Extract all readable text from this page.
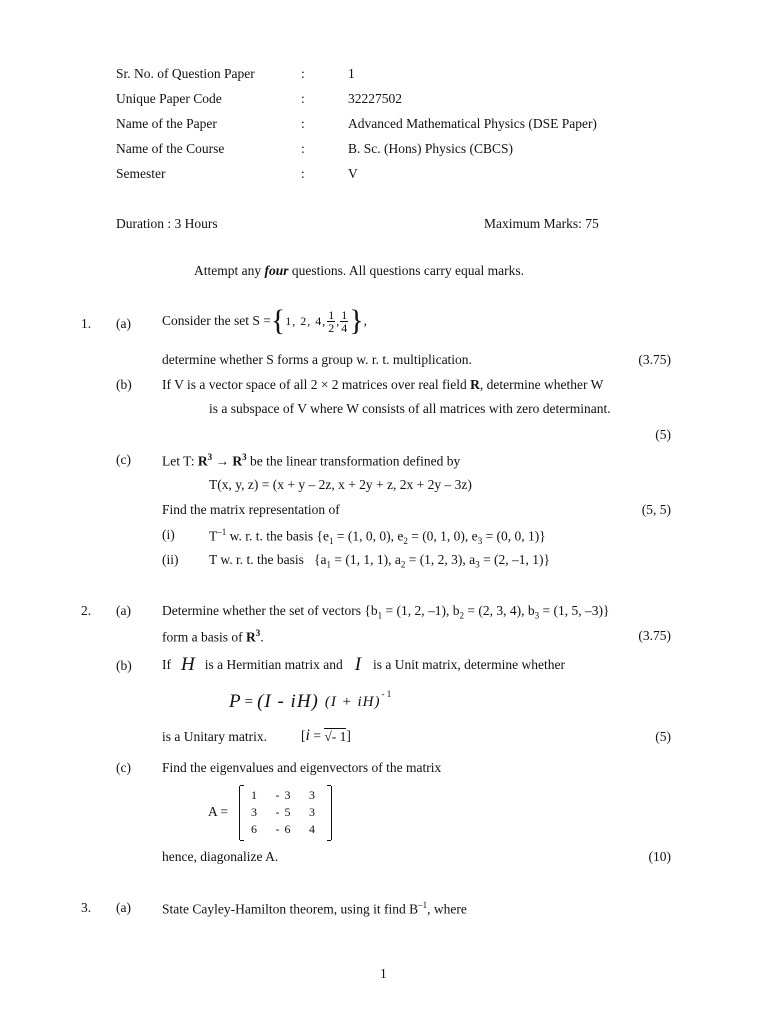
Sr. No. of Question Paper	:	1
Unique Paper Code	:	32227502
Name of the Paper	:	Advanced Mathematical Physics (DSE Paper)
Name of the Course	:	B. Sc. (Hons) Physics (CBCS)
Semester	:	V
Duration : 3 Hours	Maximum Marks: 75
Attempt any four questions. All questions carry equal marks.
1. (a) Consider the set S = { 1, 2, 4, $\frac{1}{2}$ , $\frac{1}{4}$ } ,
determine whether S forms a group w. r. t. multiplication.	(3.75)
(b) If V is a vector space of all 2 × 2 matrices over real field R, determine whether W
is a subspace of V where W consists of all matrices with zero determinant.
(5)
(c) Let T: $R^3 \to R^3$ be the linear transformation defined by
T(x, y, z) = (x + y – 2z, x + 2y + z, 2x + 2y – 3z)
Find the matrix representation of	(5, 5)
(i)	$T^{-1}$ w. r. t. the basis {$e_1 = (1$, 0, 0), $e_2 = (0$, 1, 0), $e_3 = (0$, 0, 1)}
(ii) T w. r. t. the basis   {$a_1 = (1$, 1, 1), $a_2 = (1$, 2, 3), $a_3 = (2$, –1, 1)}
2. (a) Determine whether the set of vectors {$b_1 = (1$, 2, –1), $b_2 = (2$, 3, 4), $b_3 = (1$, 5, –3)}
form a basis of $R^3$.	(3.75)
(b) If H is a Hermitian matrix and I is a Unit matrix, determine whether
P = (I - iH) (I + iH) - 1
is a Unitary matrix.	[ i = √- 1 ]	(5)
(c) Find the eigenvalues and eigenvectors of the matrix
A =
1	- 3	3
3	- 5	3
6	- 6	4
hence, diagonalize A.	(10)
3. (a) State Cayley-Hamilton theorem, using it find $B^{-1}$, where
1
